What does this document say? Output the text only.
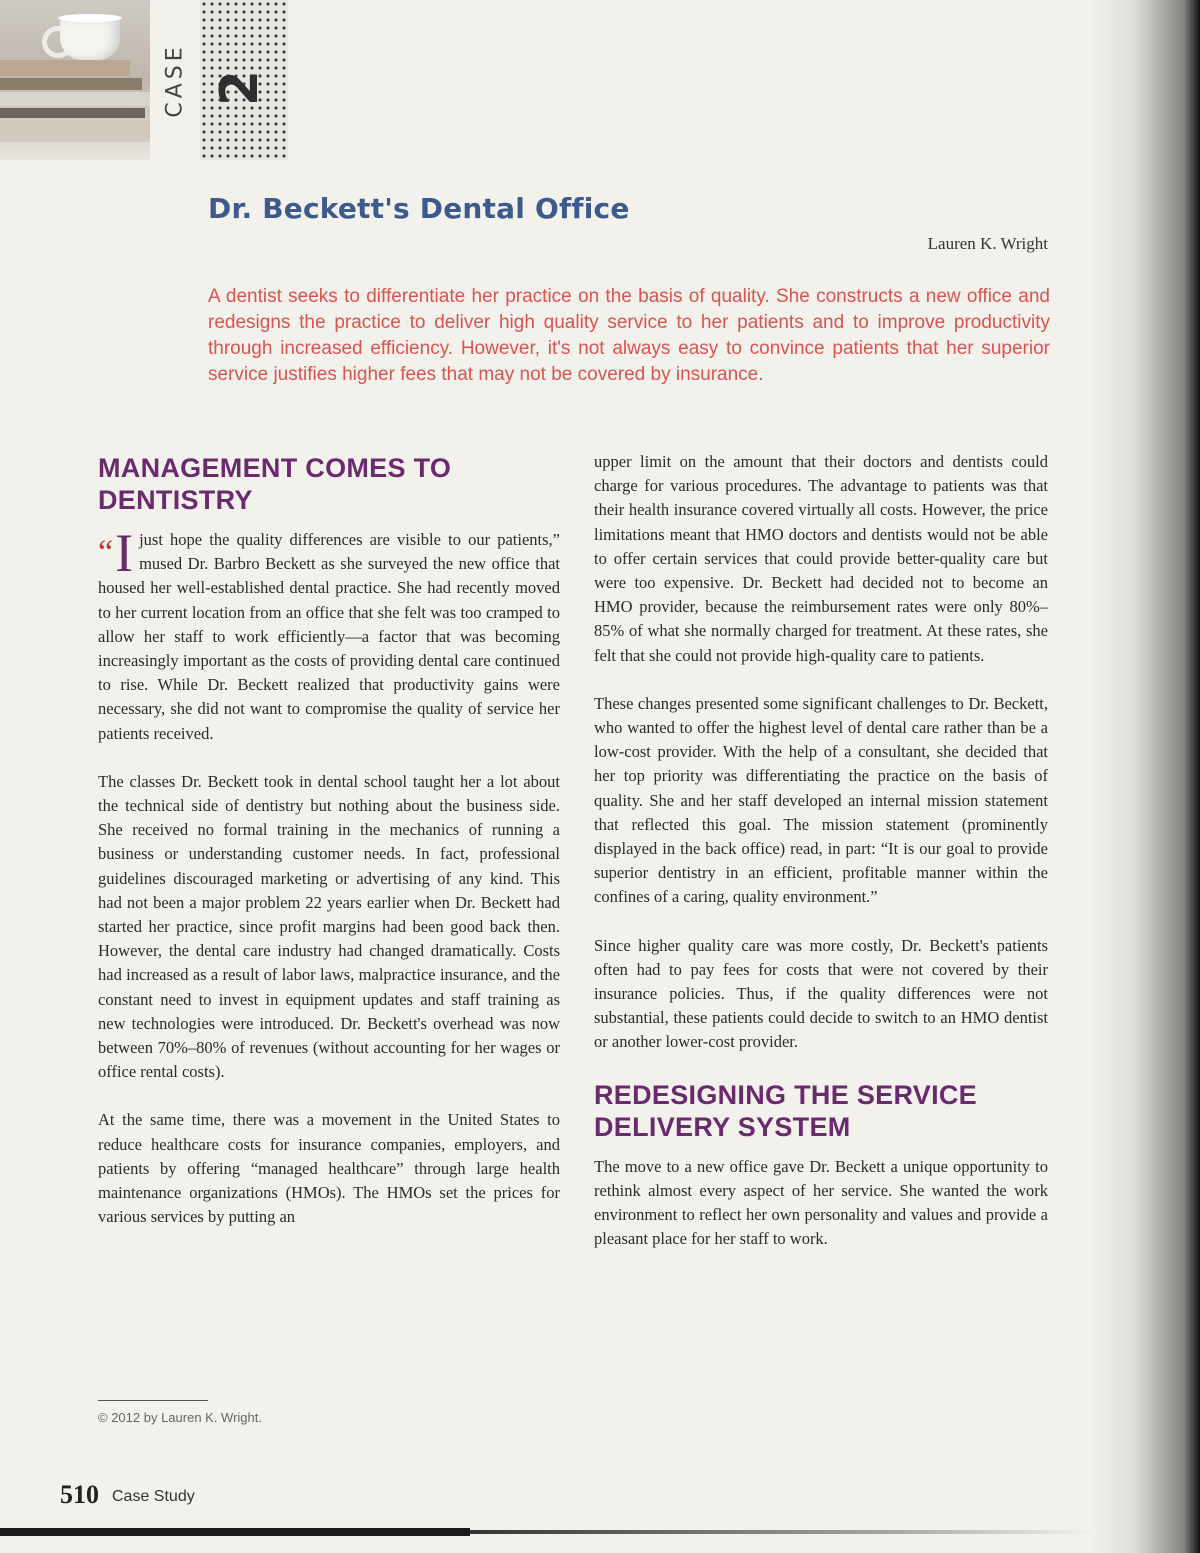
CASE 2
Dr. Beckett's Dental Office
Lauren K. Wright

A dentist seeks to differentiate her practice on the basis of quality. She constructs a new office and redesigns the practice to deliver high quality service to her patients and to improve productivity through increased efficiency. However, it's not always easy to convince patients that her superior service justifies higher fees that may not be covered by insurance.

MANAGEMENT COMES TO DENTISTRY

“I just hope the quality differences are visible to our patients,” mused Dr. Barbro Beckett as she surveyed the new office that housed her well-established dental practice. She had recently moved to her current location from an office that she felt was too cramped to allow her staff to work efficiently—a factor that was becoming increasingly important as the costs of providing dental care continued to rise. While Dr. Beckett realized that productivity gains were necessary, she did not want to compromise the quality of service her patients received.

The classes Dr. Beckett took in dental school taught her a lot about the technical side of dentistry but nothing about the business side. She received no formal training in the mechanics of running a business or understanding customer needs. In fact, professional guidelines discouraged marketing or advertising of any kind. This had not been a major problem 22 years earlier when Dr. Beckett had started her practice, since profit margins had been good back then. However, the dental care industry had changed dramatically. Costs had increased as a result of labor laws, malpractice insurance, and the constant need to invest in equipment updates and staff training as new technologies were introduced. Dr. Beckett's overhead was now between 70%–80% of revenues (without accounting for her wages or office rental costs).

At the same time, there was a movement in the United States to reduce healthcare costs for insurance companies, employers, and patients by offering “managed healthcare” through large health maintenance organizations (HMOs). The HMOs set the prices for various services by putting an

upper limit on the amount that their doctors and dentists could charge for various procedures. The advantage to patients was that their health insurance covered virtually all costs. However, the price limitations meant that HMO doctors and dentists would not be able to offer certain services that could provide better-quality care but were too expensive. Dr. Beckett had decided not to become an HMO provider, because the reimbursement rates were only 80%–85% of what she normally charged for treatment. At these rates, she felt that she could not provide high-quality care to patients.

These changes presented some significant challenges to Dr. Beckett, who wanted to offer the highest level of dental care rather than be a low-cost provider. With the help of a consultant, she decided that her top priority was differentiating the practice on the basis of quality. She and her staff developed an internal mission statement that reflected this goal. The mission statement (prominently displayed in the back office) read, in part: “It is our goal to provide superior dentistry in an efficient, profitable manner within the confines of a caring, quality environment.”

Since higher quality care was more costly, Dr. Beckett's patients often had to pay fees for costs that were not covered by their insurance policies. Thus, if the quality differences were not substantial, these patients could decide to switch to an HMO dentist or another lower-cost provider.

REDESIGNING THE SERVICE DELIVERY SYSTEM

The move to a new office gave Dr. Beckett a unique opportunity to rethink almost every aspect of her service. She wanted the work environment to reflect her own personality and values and provide a pleasant place for her staff to work.

© 2012 by Lauren K. Wright.
510 Case Study
